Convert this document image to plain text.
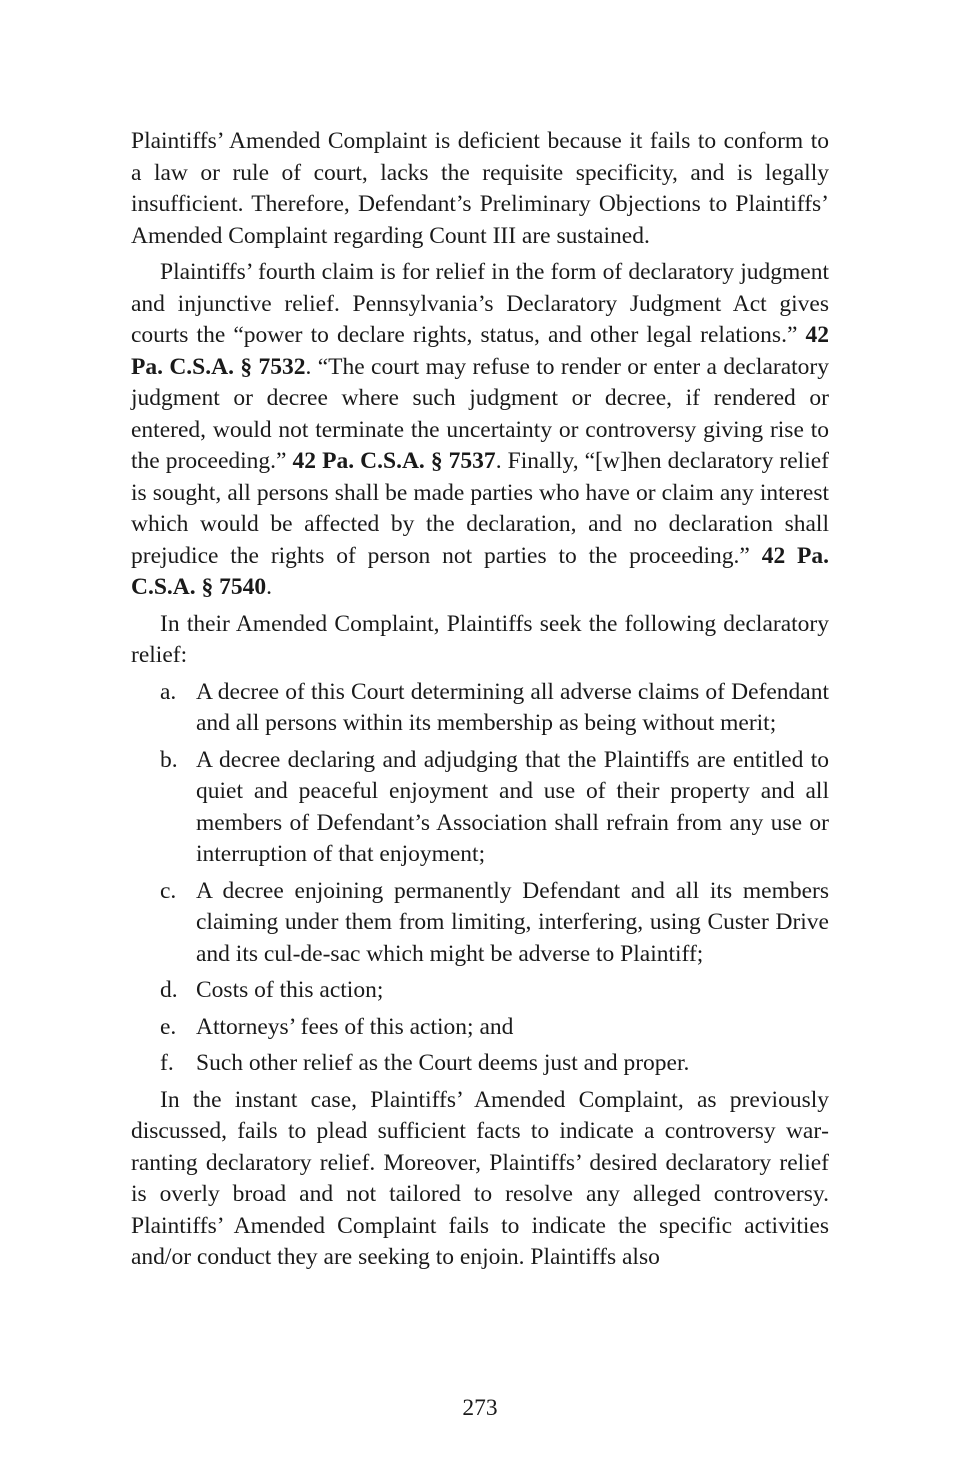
Plaintiffs’ Amended Complaint is deficient because it fails to conform to a law or rule of court, lacks the requisite specificity, and is legally insufficient. Therefore, Defendant’s Preliminary Objections to Plaintiffs’ Amended Complaint regarding Count III are sustained.

Plaintiffs’ fourth claim is for relief in the form of declaratory judgment and injunctive relief. Pennsylvania’s Declaratory Judgment Act gives courts the “power to declare rights, status, and other legal relations.” 42 Pa. C.S.A. § 7532. “The court may refuse to render or enter a declaratory judgment or decree where such judgment or decree, if rendered or entered, would not terminate the uncertainty or controversy giving rise to the proceeding.” 42 Pa. C.S.A. § 7537. Finally, “[w]hen declaratory relief is sought, all persons shall be made parties who have or claim any interest which would be affected by the declaration, and no declaration shall prejudice the rights of person not parties to the proceeding.” 42 Pa. C.S.A. § 7540.

In their Amended Complaint, Plaintiffs seek the following declaratory relief:

a. A decree of this Court determining all adverse claims of Defendant and all persons within its membership as being without merit;
b. A decree declaring and adjudging that the Plaintiffs are entitled to quiet and peaceful enjoyment and use of their property and all members of Defendant’s Association shall refrain from any use or interruption of that enjoyment;
c. A decree enjoining permanently Defendant and all its members claiming under them from limiting, interfering, using Custer Drive and its cul-de-sac which might be adverse to Plaintiff;
d. Costs of this action;
e. Attorneys’ fees of this action; and
f. Such other relief as the Court deems just and proper.

In the instant case, Plaintiffs’ Amended Complaint, as previously discussed, fails to plead sufficient facts to indicate a controversy warranting declaratory relief. Moreover, Plaintiffs’ desired declaratory relief is overly broad and not tailored to resolve any alleged controversy. Plaintiffs’ Amended Complaint fails to indicate the specific activities and/or conduct they are seeking to enjoin. Plaintiffs also

273
